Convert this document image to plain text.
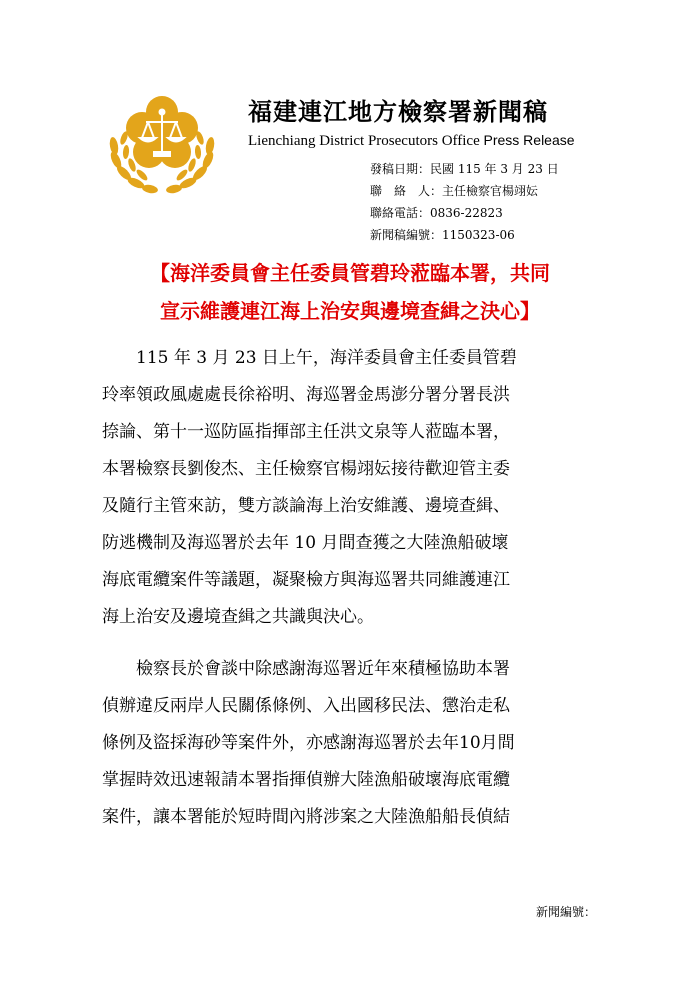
福建連江地方檢察署新聞稿
Lienchiang District Prosecutors Office Press Release
發稿日期：民國 115 年 3 月 23 日
聯　絡　人：主任檢察官楊翊妘
聯絡電話：0836-22823
新聞稿編號：1150323-06
【海洋委員會主任委員管碧玲蒞臨本署，共同
宣示維護連江海上治安與邊境查緝之決心】
　　115 年 3 月 23 日上午，海洋委員會主任委員管碧
玲率領政風處處長徐裕明、海巡署金馬澎分署分署長洪
捺論、第十一巡防區指揮部主任洪文泉等人蒞臨本署，
本署檢察長劉俊杰、主任檢察官楊翊妘接待歡迎管主委
及隨行主管來訪，雙方談論海上治安維護、邊境查緝、
防逃機制及海巡署於去年 10 月間查獲之大陸漁船破壞
海底電纜案件等議題，凝聚檢方與海巡署共同維護連江
海上治安及邊境查緝之共識與決心。
　　檢察長於會談中除感謝海巡署近年來積極協助本署
偵辦違反兩岸人民關係條例、入出國移民法、懲治走私
條例及盜採海砂等案件外，亦感謝海巡署於去年10月間
掌握時效迅速報請本署指揮偵辦大陸漁船破壞海底電纜
案件，讓本署能於短時間內將涉案之大陸漁船船長偵結
新聞編號：
